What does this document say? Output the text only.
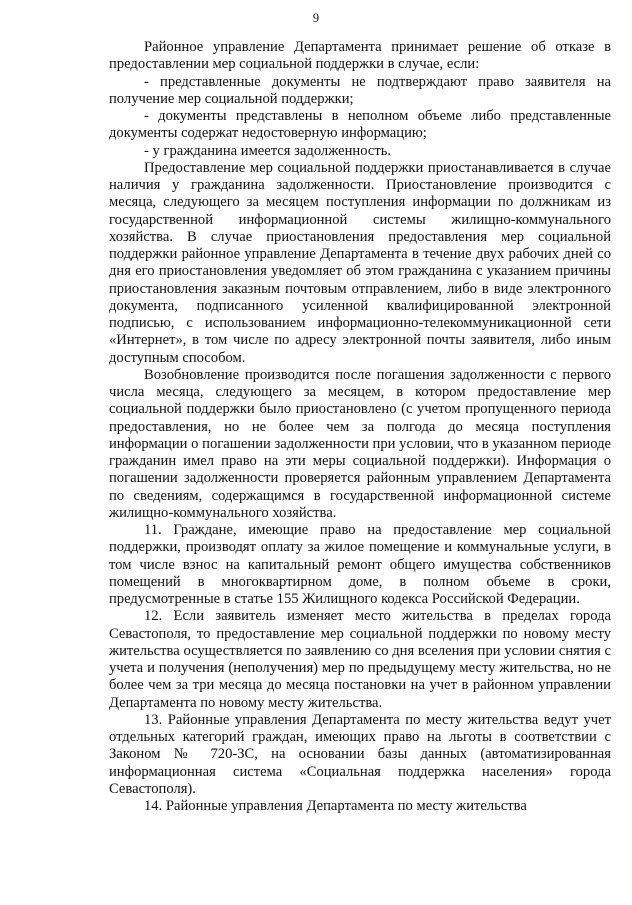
9

Районное управление Департамента принимает решение об отказе в предоставлении мер социальной поддержки в случае, если:

- представленные документы не подтверждают право заявителя на получение мер социальной поддержки;

- документы представлены в неполном объеме либо представленные документы содержат недостоверную информацию;

- у гражданина имеется задолженность.

Предоставление мер социальной поддержки приостанавливается в случае наличия у гражданина задолженности. Приостановление производится с месяца, следующего за месяцем поступления информации по должникам из государственной информационной системы жилищно-коммунального хозяйства. В случае приостановления предоставления мер социальной поддержки районное управление Департамента в течение двух рабочих дней со дня его приостановления уведомляет об этом гражданина с указанием причины приостановления заказным почтовым отправлением, либо в виде электронного документа, подписанного усиленной квалифицированной электронной подписью, с использованием информационно-телекоммуникационной сети «Интернет», в том числе по адресу электронной почты заявителя, либо иным доступным способом.

Возобновление производится после погашения задолженности с первого числа месяца, следующего за месяцем, в котором предоставление мер социальной поддержки было приостановлено (с учетом пропущенного периода предоставления, но не более чем за полгода до месяца поступления информации о погашении задолженности при условии, что в указанном периоде гражданин имел право на эти меры социальной поддержки). Информация о погашении задолженности проверяется районным управлением Департамента по сведениям, содержащимся в государственной информационной системе жилищно-коммунального хозяйства.

11. Граждане, имеющие право на предоставление мер социальной поддержки, производят оплату за жилое помещение и коммунальные услуги, в том числе взнос на капитальный ремонт общего имущества собственников помещений в многоквартирном доме, в полном объеме в сроки, предусмотренные в статье 155 Жилищного кодекса Российской Федерации.

12. Если заявитель изменяет место жительства в пределах города Севастополя, то предоставление мер социальной поддержки по новому месту жительства осуществляется по заявлению со дня вселения при условии снятия с учета и получения (неполучения) мер по предыдущему месту жительства, но не более чем за три месяца до месяца постановки на учет в районном управлении Департамента по новому месту жительства.

13. Районные управления Департамента по месту жительства ведут учет отдельных категорий граждан, имеющих право на льготы в соответствии с Законом № 720-ЗС, на основании базы данных (автоматизированная информационная система «Социальная поддержка населения» города Севастополя).

14. Районные управления Департамента по месту жительства
